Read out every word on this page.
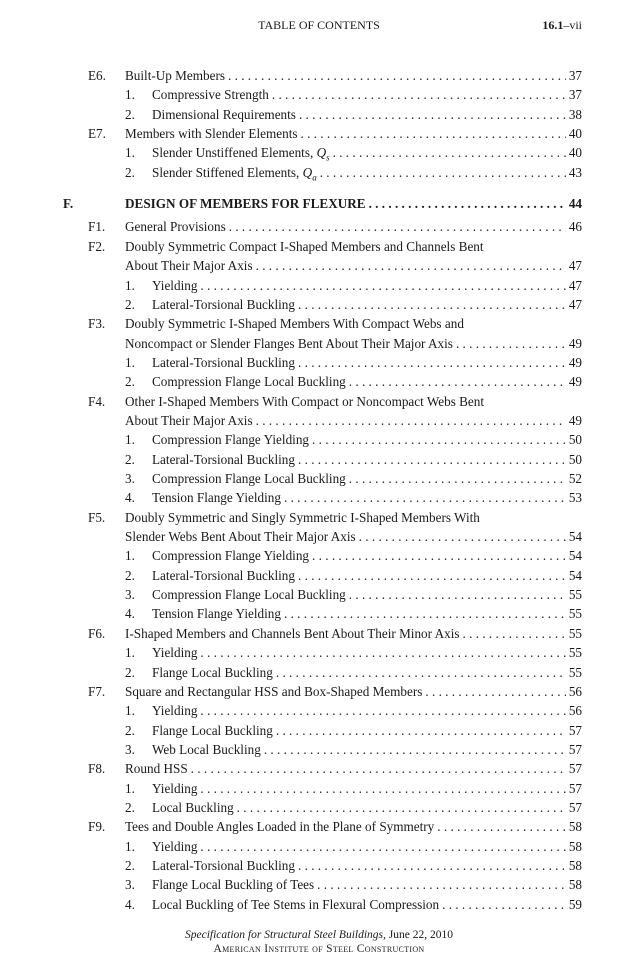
TABLE OF CONTENTS	16.1–vii
E6. Built-Up Members . . .	37
1. Compressive Strength . . .	37
2. Dimensional Requirements . . .	38
E7. Members with Slender Elements . . .	40
1. Slender Unstiffened Elements, $Q_s$ . . .	40
2. Slender Stiffened Elements, $Q_a$ . . .	43
F.	DESIGN OF MEMBERS FOR FLEXURE . . .	44
F1. General Provisions . . .	46
F2. Doubly Symmetric Compact I-Shaped Members and Channels Bent
About Their Major Axis . . .	47
1. Yielding . . .	47
2. Lateral-Torsional Buckling . . .	47
F3. Doubly Symmetric I-Shaped Members With Compact Webs and
Noncompact or Slender Flanges Bent About Their Major Axis . . .	49
1. Lateral-Torsional Buckling . . .	49
2. Compression Flange Local Buckling . . .	49
F4. Other I-Shaped Members With Compact or Noncompact Webs Bent
About Their Major Axis . . .	49
1. Compression Flange Yielding . . .	50
2. Lateral-Torsional Buckling . . .	50
3. Compression Flange Local Buckling . . .	52
4. Tension Flange Yielding . . .	53
F5. Doubly Symmetric and Singly Symmetric I-Shaped Members With
Slender Webs Bent About Their Major Axis . . .	54
1. Compression Flange Yielding . . .	54
2. Lateral-Torsional Buckling . . .	54
3. Compression Flange Local Buckling . . .	55
4. Tension Flange Yielding . . .	55
F6. I-Shaped Members and Channels Bent About Their Minor Axis . . .	55
1. Yielding . . .	55
2. Flange Local Buckling . . .	55
F7. Square and Rectangular HSS and Box-Shaped Members . . .	56
1. Yielding . . .	56
2. Flange Local Buckling . . .	57
3. Web Local Buckling . . .	57
F8. Round HSS . . .	57
1. Yielding . . .	57
2. Local Buckling . . .	57
F9. Tees and Double Angles Loaded in the Plane of Symmetry . . .	58
1. Yielding . . .	58
2. Lateral-Torsional Buckling . . .	58
3. Flange Local Buckling of Tees . . .	58
4. Local Buckling of Tee Stems in Flexural Compression . . .	59
Specification for Structural Steel Buildings, June 22, 2010
American Institute of Steel Construction
